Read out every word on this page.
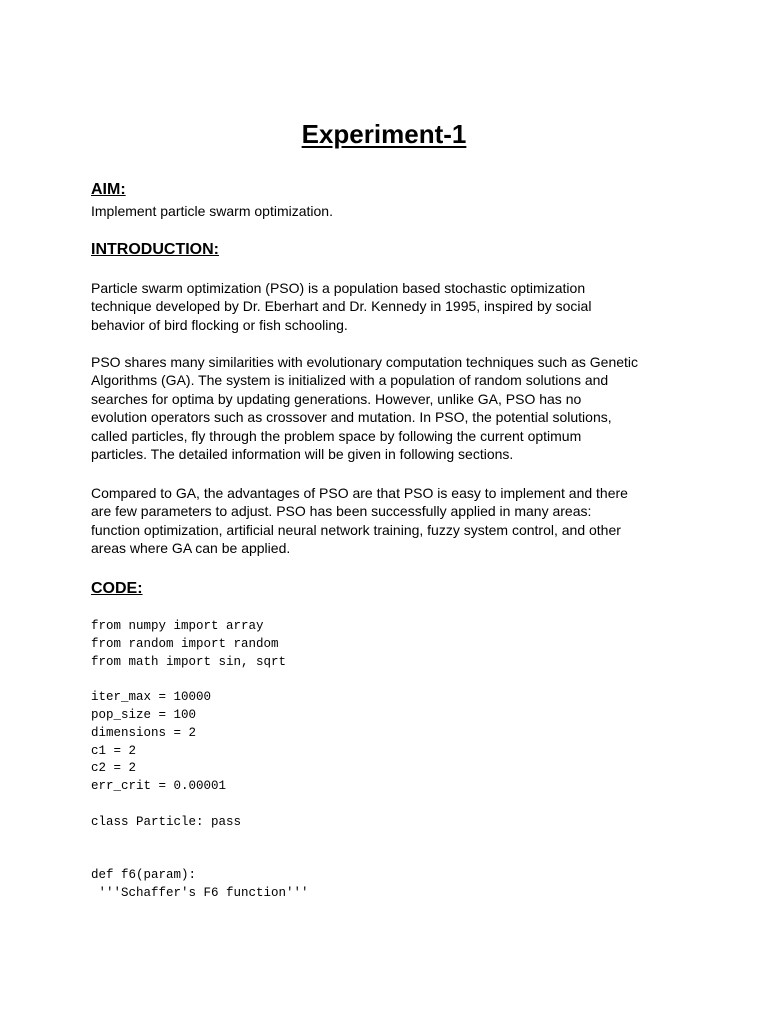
Experiment-1
AIM:
Implement particle swarm optimization.
INTRODUCTION:
Particle swarm optimization (PSO) is a population based stochastic optimization
technique developed by Dr. Eberhart and Dr. Kennedy in 1995, inspired by social
behavior of bird flocking or fish schooling.
PSO shares many similarities with evolutionary computation techniques such as Genetic
Algorithms (GA). The system is initialized with a population of random solutions and
searches for optima by updating generations. However, unlike GA, PSO has no
evolution operators such as crossover and mutation. In PSO, the potential solutions,
called particles, fly through the problem space by following the current optimum
particles. The detailed information will be given in following sections.
Compared to GA, the advantages of PSO are that PSO is easy to implement and there
are few parameters to adjust. PSO has been successfully applied in many areas:
function optimization, artificial neural network training, fuzzy system control, and other
areas where GA can be applied.
CODE:
from numpy import array
from random import random
from math import sin, sqrt
iter_max = 10000
pop_size = 100
dimensions = 2
c1 = 2
c2 = 2
err_crit = 0.00001
class Particle: pass
def f6(param):
'''Schaffer's F6 function'''
